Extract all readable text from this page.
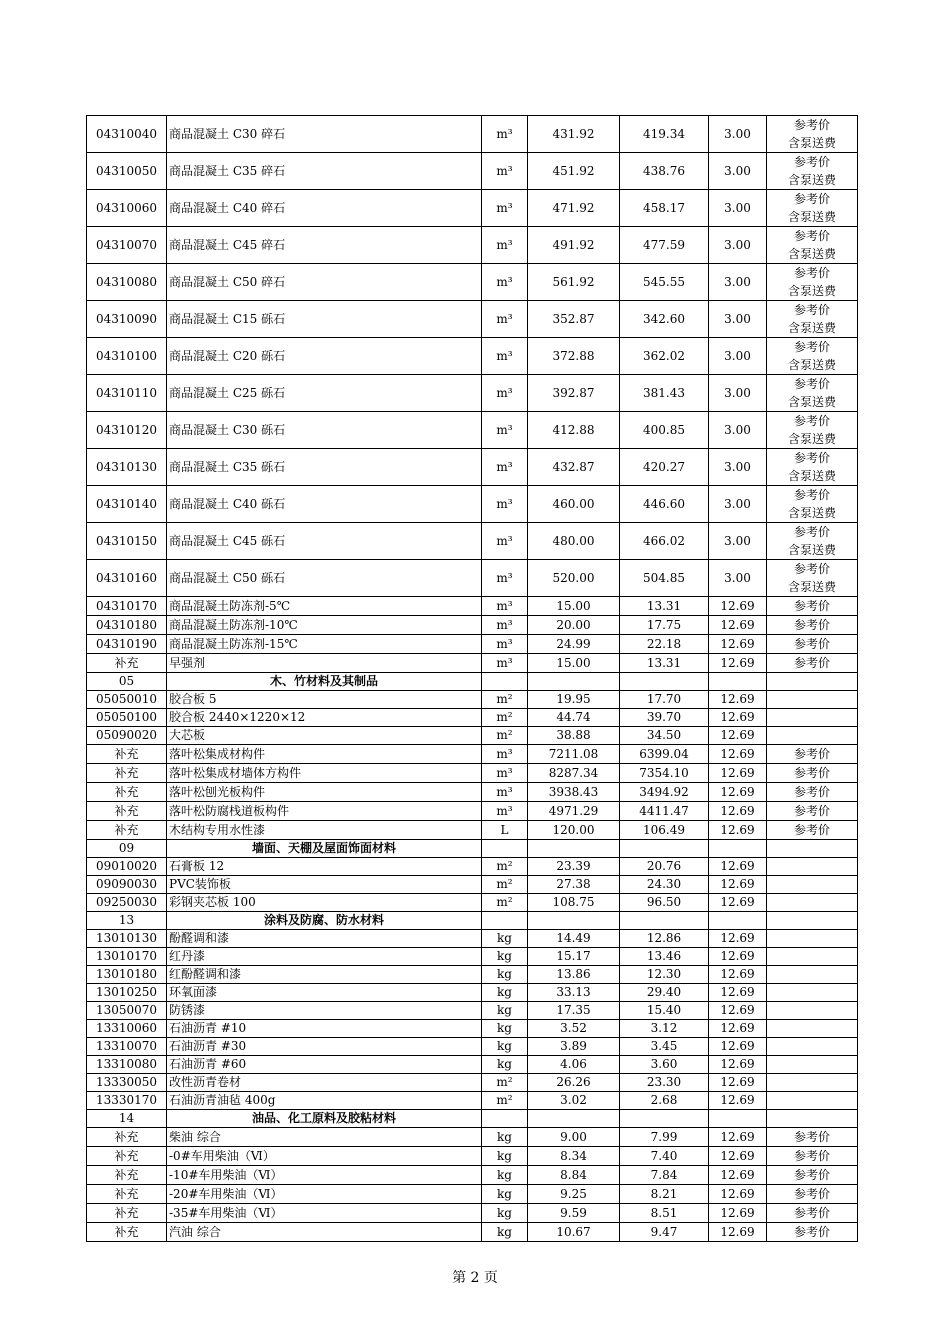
04310040	商品混凝土 C30 碎石	m³	431.92	419.34	3.00	参考价
含泵送费

04310050	商品混凝土 C35 碎石	m³	451.92	438.76	3.00	参考价
含泵送费

04310060	商品混凝土 C40 碎石	m³	471.92	458.17	3.00	参考价
含泵送费

04310070	商品混凝土 C45 碎石	m³	491.92	477.59	3.00	参考价
含泵送费

04310080	商品混凝土 C50 碎石	m³	561.92	545.55	3.00	参考价
含泵送费

04310090	商品混凝土 C15 砾石	m³	352.87	342.60	3.00	参考价
含泵送费

04310100	商品混凝土 C20 砾石	m³	372.88	362.02	3.00	参考价
含泵送费

04310110	商品混凝土 C25 砾石	m³	392.87	381.43	3.00	参考价
含泵送费

04310120	商品混凝土 C30 砾石	m³	412.88	400.85	3.00	参考价
含泵送费

04310130	商品混凝土 C35 砾石	m³	432.87	420.27	3.00	参考价
含泵送费

04310140	商品混凝土 C40 砾石	m³	460.00	446.60	3.00	参考价
含泵送费

04310150	商品混凝土 C45 砾石	m³	480.00	466.02	3.00	参考价
含泵送费

04310160	商品混凝土 C50 砾石	m³	520.00	504.85	3.00	参考价
含泵送费

04310170	商品混凝土防冻剂-5℃	m³	15.00	13.31	12.69	参考价

04310180	商品混凝土防冻剂-10℃	m³	20.00	17.75	12.69	参考价

04310190	商品混凝土防冻剂-15℃	m³	24.99	22.18	12.69	参考价

补充	早强剂	m³	15.00	13.31	12.69	参考价

05	木、竹材料及其制品					
05050010	胶合板 5	m²	19.95	17.70	12.69	
05050100	胶合板 2440×1220×12	m²	44.74	39.70	12.69	
05090020	大芯板	m²	38.88	34.50	12.69	
补充	落叶松集成材构件	m³	7211.08	6399.04	12.69	参考价

补充	落叶松集成材墙体方构件	m³	8287.34	7354.10	12.69	参考价

补充	落叶松刨光板构件	m³	3938.43	3494.92	12.69	参考价

补充	落叶松防腐栈道板构件	m³	4971.29	4411.47	12.69	参考价

补充	木结构专用水性漆	L	120.00	106.49	12.69	参考价

09	墙面、天棚及屋面饰面材料					
09010020	石膏板 12	m²	23.39	20.76	12.69	
09090030	PVC装饰板	m²	27.38	24.30	12.69	
09250030	彩钢夹芯板 100	m²	108.75	96.50	12.69	
13	涂料及防腐、防水材料					
13010130	酚醛调和漆	kg	14.49	12.86	12.69	
13010170	红丹漆	kg	15.17	13.46	12.69	
13010180	红酚醛调和漆	kg	13.86	12.30	12.69	
13010250	环氧面漆	kg	33.13	29.40	12.69	
13050070	防锈漆	kg	17.35	15.40	12.69	
13310060	石油沥青 #10	kg	3.52	3.12	12.69	
13310070	石油沥青 #30	kg	3.89	3.45	12.69	
13310080	石油沥青 #60	kg	4.06	3.60	12.69	
13330050	改性沥青卷材	m²	26.26	23.30	12.69	
13330170	石油沥青油毡 400g	m²	3.02	2.68	12.69	
14	油品、化工原料及胶粘材料					
补充	柴油 综合	kg	9.00	7.99	12.69	参考价

补充	-0#车用柴油（Ⅵ）	kg	8.34	7.40	12.69	参考价

补充	-10#车用柴油（Ⅵ）	kg	8.84	7.84	12.69	参考价

补充	-20#车用柴油（Ⅵ）	kg	9.25	8.21	12.69	参考价

补充	-35#车用柴油（Ⅵ）	kg	9.59	8.51	12.69	参考价

补充	汽油 综合	kg	10.67	9.47	12.69	参考价
第 2 页
